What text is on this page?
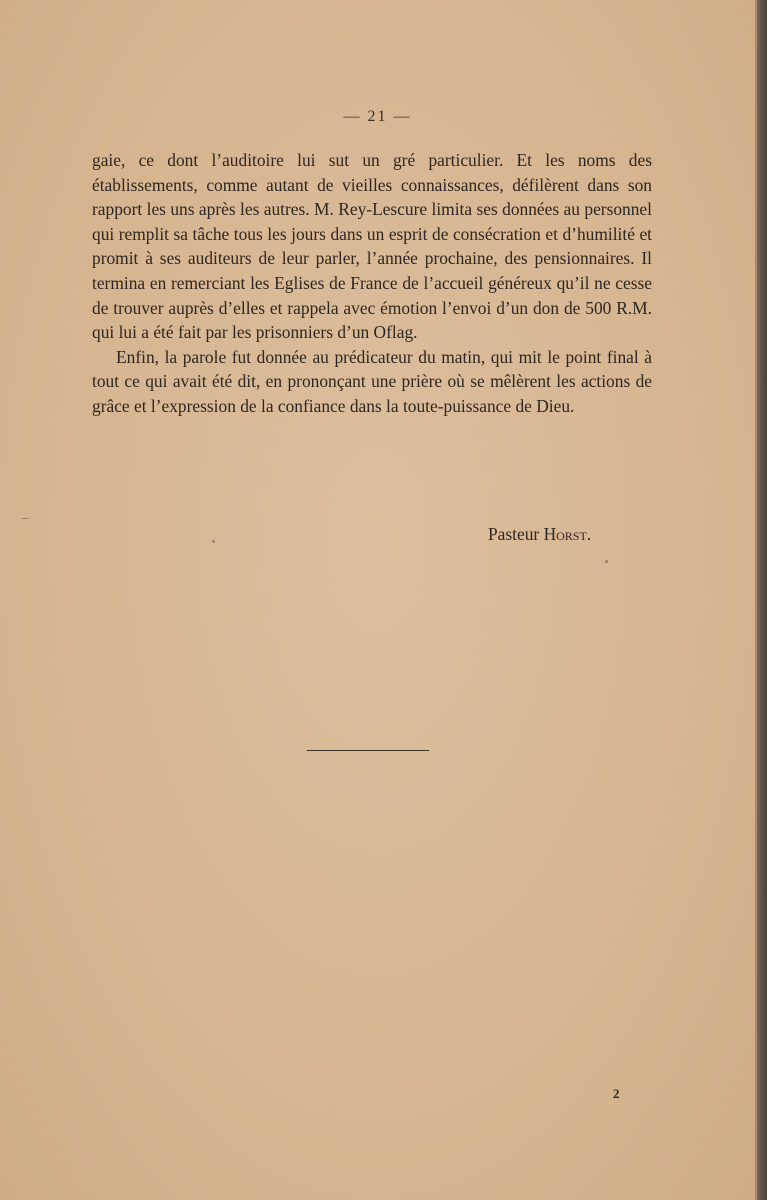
— 21 —

gaie, ce dont l’auditoire lui sut un gré particulier. Et les noms des établissements, comme autant de vieilles connaissances, défilèrent dans son rapport les uns après les autres. M. Rey-Lescure limita ses données au personnel qui remplit sa tâche tous les jours dans un esprit de consécration et d’humilité et promit à ses auditeurs de leur parler, l’année prochaine, des pensionnaires. Il termina en remerciant les Eglises de France de l’accueil généreux qu’il ne cesse de trouver auprès d’elles et rappela avec émotion l’envoi d’un don de 500 R.M. qui lui a été fait par les prisonniers d’un Oflag.

Enfin, la parole fut donnée au prédicateur du matin, qui mit le point final à tout ce qui avait été dit, en prononçant une prière où se mêlèrent les actions de grâce et l’expression de la confiance dans la toute-puissance de Dieu.

Pasteur Horst.
2
